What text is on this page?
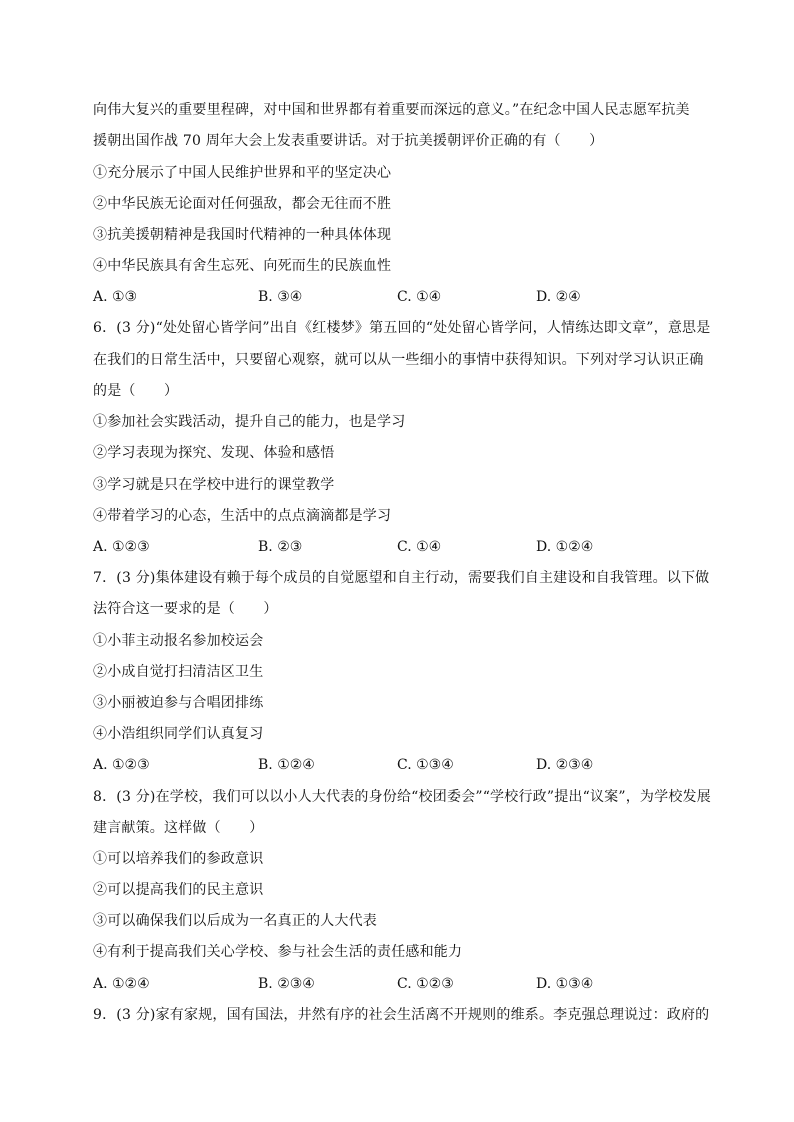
向伟大复兴的重要里程碑，对中国和世界都有着重要而深远的意义。”在纪念中国人民志愿军抗美
援朝出国作战 70 周年大会上发表重要讲话。对于抗美援朝评价正确的有（　　）
①充分展示了中国人民维护世界和平的坚定决心
②中华民族无论面对任何强敌，都会无往而不胜
③抗美援朝精神是我国时代精神的一种具体体现
④中华民族具有舍生忘死、向死而生的民族血性
A. ①③	B. ③④	C. ①④	D. ②④
6．(3 分)“处处留心皆学问”出自《红楼梦》第五回的“处处留心皆学问，人情练达即文章”，意思是
在我们的日常生活中，只要留心观察，就可以从一些细小的事情中获得知识。下列对学习认识正确
的是（　　）
①参加社会实践活动，提升自己的能力，也是学习
②学习表现为探究、发现、体验和感悟
③学习就是只在学校中进行的课堂教学
④带着学习的心态，生活中的点点滴滴都是学习
A. ①②③	B. ②③	C. ①④	D. ①②④
7．(3 分)集体建设有赖于每个成员的自觉愿望和自主行动，需要我们自主建设和自我管理。以下做
法符合这一要求的是（　　）
①小菲主动报名参加校运会
②小成自觉打扫清洁区卫生
③小丽被迫参与合唱团排练
④小浩组织同学们认真复习
A. ①②③	B. ①②④	C. ①③④	D. ②③④
8．(3 分)在学校，我们可以以小人大代表的身份给“校团委会”“学校行政”提出“议案”，为学校发展
建言献策。这样做（　　）
①可以培养我们的参政意识
②可以提高我们的民主意识
③可以确保我们以后成为一名真正的人大代表
④有利于提高我们关心学校、参与社会生活的责任感和能力
A. ①②④	B. ②③④	C. ①②③	D. ①③④
9．(3 分)家有家规，国有国法，井然有序的社会生活离不开规则的维系。李克强总理说过：政府的
